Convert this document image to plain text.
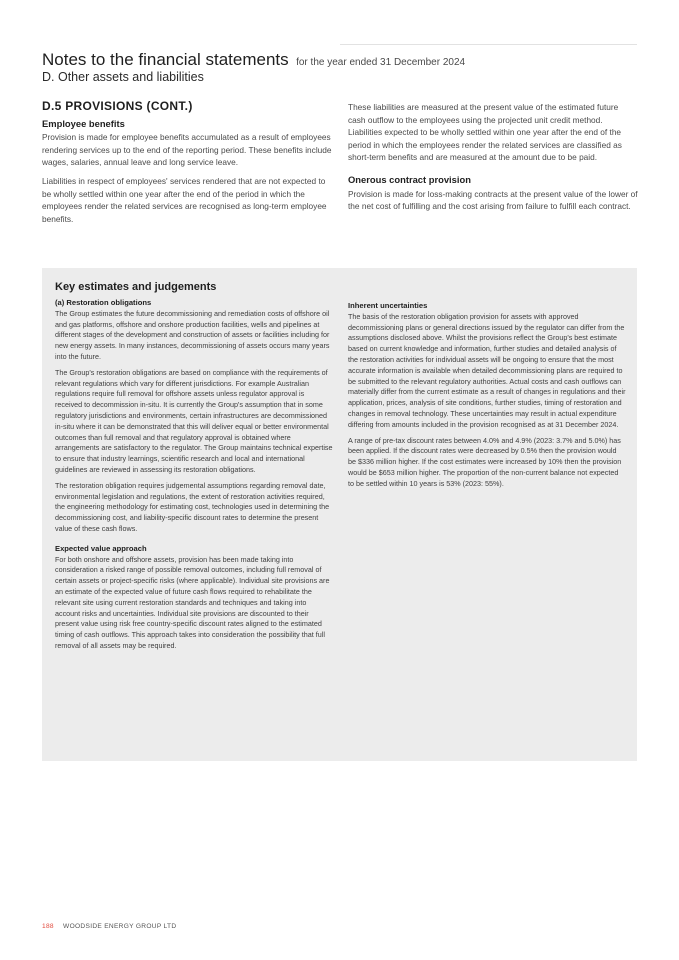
Notes to the financial statements for the year ended 31 December 2024
D. Other assets and liabilities
D.5 PROVISIONS (CONT.)
Employee benefits

Provision is made for employee benefits accumulated as a result of employees rendering services up to the end of the reporting period. These benefits include wages, salaries, annual leave and long service leave.

Liabilities in respect of employees' services rendered that are not expected to be wholly settled within one year after the end of the period in which the employees render the related services are recognised as long-term employee benefits.

These liabilities are measured at the present value of the estimated future cash outflow to the employees using the projected unit credit method. Liabilities expected to be wholly settled within one year after the end of the period in which the employees render the related services are classified as short-term benefits and are measured at the amount due to be paid.

Onerous contract provision

Provision is made for loss-making contracts at the present value of the lower of the net cost of fulfilling and the cost arising from failure to fulfill each contract.

Key estimates and judgements
(a) Restoration obligations

The Group estimates the future decommissioning and remediation costs of offshore oil and gas platforms, offshore and onshore production facilities, wells and pipelines at different stages of the development and construction of assets or facilities including for new energy assets. In many instances, decommissioning of assets occurs many years into the future.

The Group's restoration obligations are based on compliance with the requirements of relevant regulations which vary for different jurisdictions. For example Australian regulations require full removal for offshore assets unless regulator approval is received to decommission in-situ. It is currently the Group's assumption that in some regulatory jurisdictions and environments, certain infrastructures are decommissioned in-situ where it can be demonstrated that this will deliver equal or better environmental outcomes than full removal and that regulatory approval is obtained where arrangements are satisfactory to the regulator. The Group maintains technical expertise to ensure that industry learnings, scientific research and local and international guidelines are reviewed in assessing its restoration obligations.

The restoration obligation requires judgemental assumptions regarding removal date, environmental legislation and regulations, the extent of restoration activities required, the engineering methodology for estimating cost, technologies used in determining the decommissioning cost, and liability-specific discount rates to determine the present value of these cash flows.

Expected value approach

For both onshore and offshore assets, provision has been made taking into consideration a risked range of possible removal outcomes, including full removal of certain assets or project-specific risks (where applicable). Individual site provisions are an estimate of the expected value of future cash flows required to rehabilitate the relevant site using current restoration standards and techniques and taking into account risks and uncertainties. Individual site provisions are discounted to their present value using risk free country-specific discount rates aligned to the estimated timing of cash outflows. This approach takes into consideration the possibility that full removal of all assets may be required.

Inherent uncertainties

The basis of the restoration obligation provision for assets with approved decommissioning plans or general directions issued by the regulator can differ from the assumptions disclosed above. Whilst the provisions reflect the Group's best estimate based on current knowledge and information, further studies and detailed analysis of the restoration activities for individual assets will be ongoing to ensure that the most accurate information is available when detailed decommissioning plans are required to be submitted to the relevant regulatory authorities. Actual costs and cash outflows can materially differ from the current estimate as a result of changes in regulations and their application, prices, analysis of site conditions, further studies, timing of restoration and changes in removal technology. These uncertainties may result in actual expenditure differing from amounts included in the provision recognised as at 31 December 2024.

A range of pre-tax discount rates between 4.0% and 4.9% (2023: 3.7% and 5.0%) has been applied. If the discount rates were decreased by 0.5% then the provision would be $336 million higher. If the cost estimates were increased by 10% then the provision would be $653 million higher. The proportion of the non-current balance not expected to be settled within 10 years is 53% (2023: 55%).

188 WOODSIDE ENERGY GROUP LTD
